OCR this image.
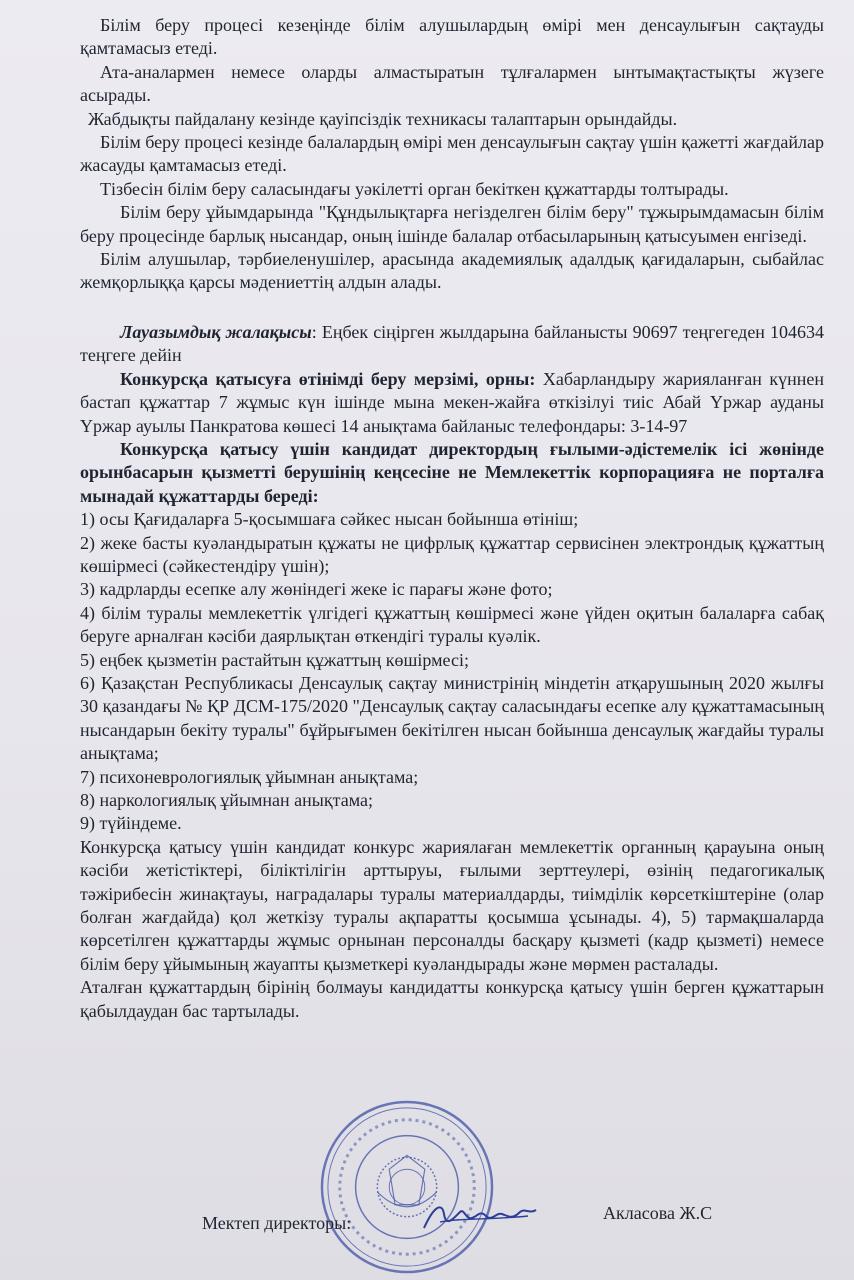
Білім беру процесі кезеңінде білім алушылардың өмірі мен денсаулығын сақтауды қамтамасыз етеді.

Ата-аналармен немесе оларды алмастыратын тұлғалармен ынтымақтастықты жүзеге асырады.

Жабдықты пайдалану кезінде қауіпсіздік техникасы талаптарын орындайды.

Білім беру процесі кезінде балалардың өмірі мен денсаулығын сақтау үшін қажетті жағдайлар жасауды қамтамасыз етеді.

Тізбесін білім беру саласындағы уәкілетті орган бекіткен құжаттарды толтырады.

Білім беру ұйымдарында "Құндылықтарға негізделген білім беру" тұжырымдамасын білім беру процесінде барлық нысандар, оның ішінде балалар отбасыларының қатысуымен енгізеді.

Білім алушылар, тәрбиеленушілер, арасында академиялық адалдық қағидаларын, сыбайлас жемқорлыққа қарсы мәдениеттің алдын алады.

Лауазымдық жалақысы: Еңбек сіңірген жылдарына байланысты 90697 теңгегеден 104634 теңгеге дейін

Конкурсқа қатысуға өтінімді беру мерзімі, орны: Хабарландыру жарияланған күннен бастап құжаттар 7 жұмыс күн ішінде мына мекен-жайға өткізілуі тиіс Абай Үржар ауданы Үржар ауылы Панкратова көшесі 14 анықтама байланыс телефондары: 3-14-97

Конкурсқа қатысу үшін кандидат директордың ғылыми-әдістемелік ісі жөнінде орынбасарын қызметті берушінің кеңсесіне не Мемлекеттік корпорацияға не порталға мынадай құжаттарды береді:

1) осы Қағидаларға 5-қосымшаға сәйкес нысан бойынша өтініш;

2) жеке басты куәландыратын құжаты не цифрлық құжаттар сервисінен электрондық құжаттың көшірмесі (сәйкестендіру үшін);

3) кадрларды есепке алу жөніндегі жеке іс парағы және фото;

4) білім туралы мемлекеттік үлгідегі құжаттың көшірмесі және үйден оқитын балаларға сабақ беруге арналған кәсіби даярлықтан өткендігі туралы куәлік.

5) еңбек қызметін растайтын құжаттың көшірмесі;

6) Қазақстан Республикасы Денсаулық сақтау министрінің міндетін атқарушының 2020 жылғы 30 қазандағы № ҚР ДСМ-175/2020 "Денсаулық сақтау саласындағы есепке алу құжаттамасының нысандарын бекіту туралы" бұйрығымен бекітілген нысан бойынша денсаулық жағдайы туралы анықтама;

7) психоневрологиялық ұйымнан анықтама;

8) наркологиялық ұйымнан анықтама;

9) түйіндеме.

Конкурсқа қатысу үшін кандидат конкурс жариялаған мемлекеттік органның қарауына оның кәсіби жетістіктері, біліктілігін арттыруы, ғылыми зерттеулері, өзінің педагогикалық тәжірибесін жинақтауы, наградалары туралы материалдарды, тиімділік көрсеткіштеріне (олар болған жағдайда) қол жеткізу туралы ақпаратты қосымша ұсынады. 4), 5) тармақшаларда көрсетілген құжаттарды жұмыс орнынан персоналды басқару қызметі (кадр қызметі) немесе білім беру ұйымының жауапты қызметкері куәландырады және мөрмен расталады.

Аталған құжаттардың бірінің болмауы кандидатты конкурсқа қатысу үшін берген құжаттарын қабылдаудан бас тартылады.

Мектеп директоры:	Акласова Ж.С
